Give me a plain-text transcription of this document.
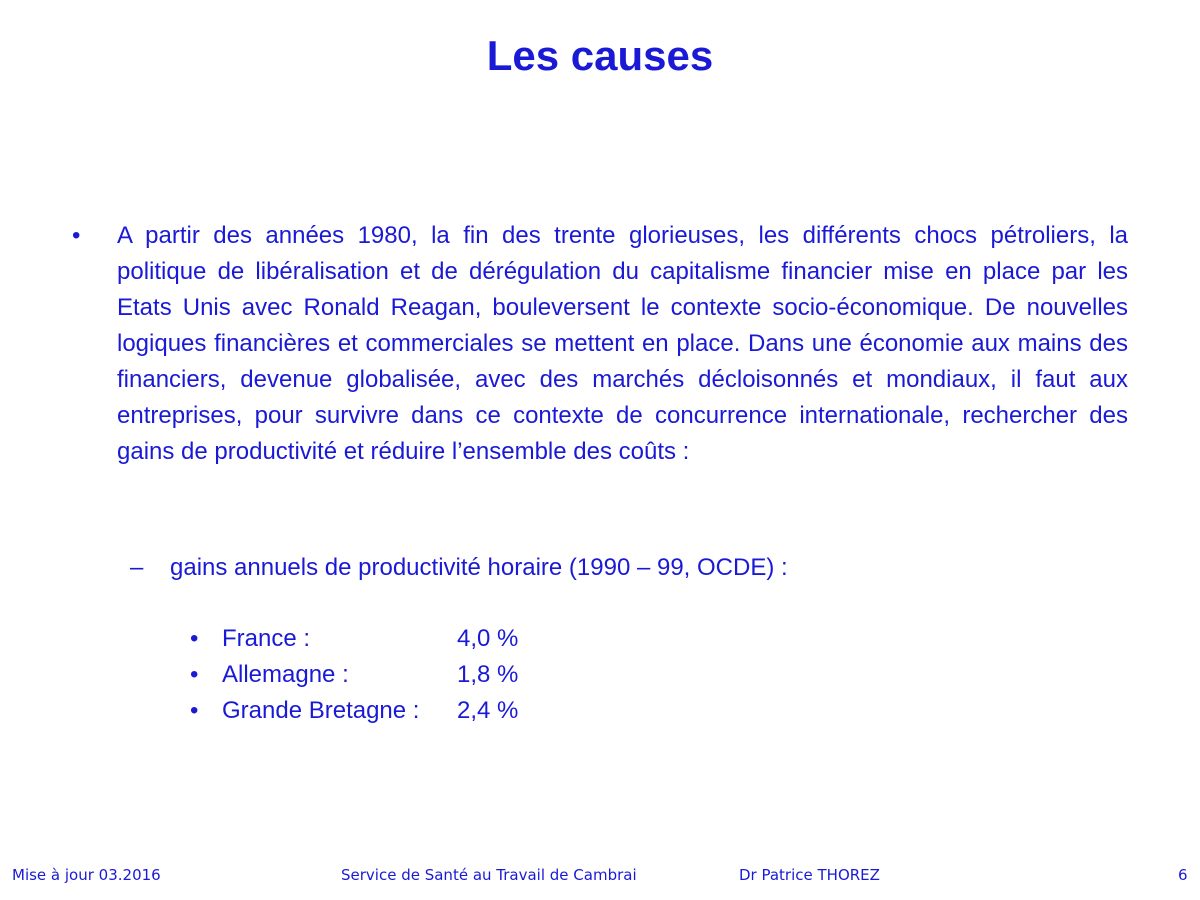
Les causes
• A partir des années 1980, la fin des trente glorieuses, les différents chocs pétroliers, la politique de libéralisation et de dérégulation du capitalisme financier mise en place par les Etats Unis avec Ronald Reagan, bouleversent le contexte socio-économique. De nouvelles logiques financières et commerciales se mettent en place. Dans une économie aux mains des financiers, devenue globalisée, avec des marchés décloisonnés et mondiaux, il faut aux entreprises, pour survivre dans ce contexte de concurrence internationale, rechercher des gains de productivité et réduire l’ensemble des coûts :
– gains annuels de productivité horaire (1990 – 99, OCDE) :
• France :	4,0 %
• Allemagne :	1,8 %
• Grande Bretagne : 2,4 %
Mise à jour 03.2016	Service de Santé au Travail de Cambrai	Dr Patrice THOREZ	6
